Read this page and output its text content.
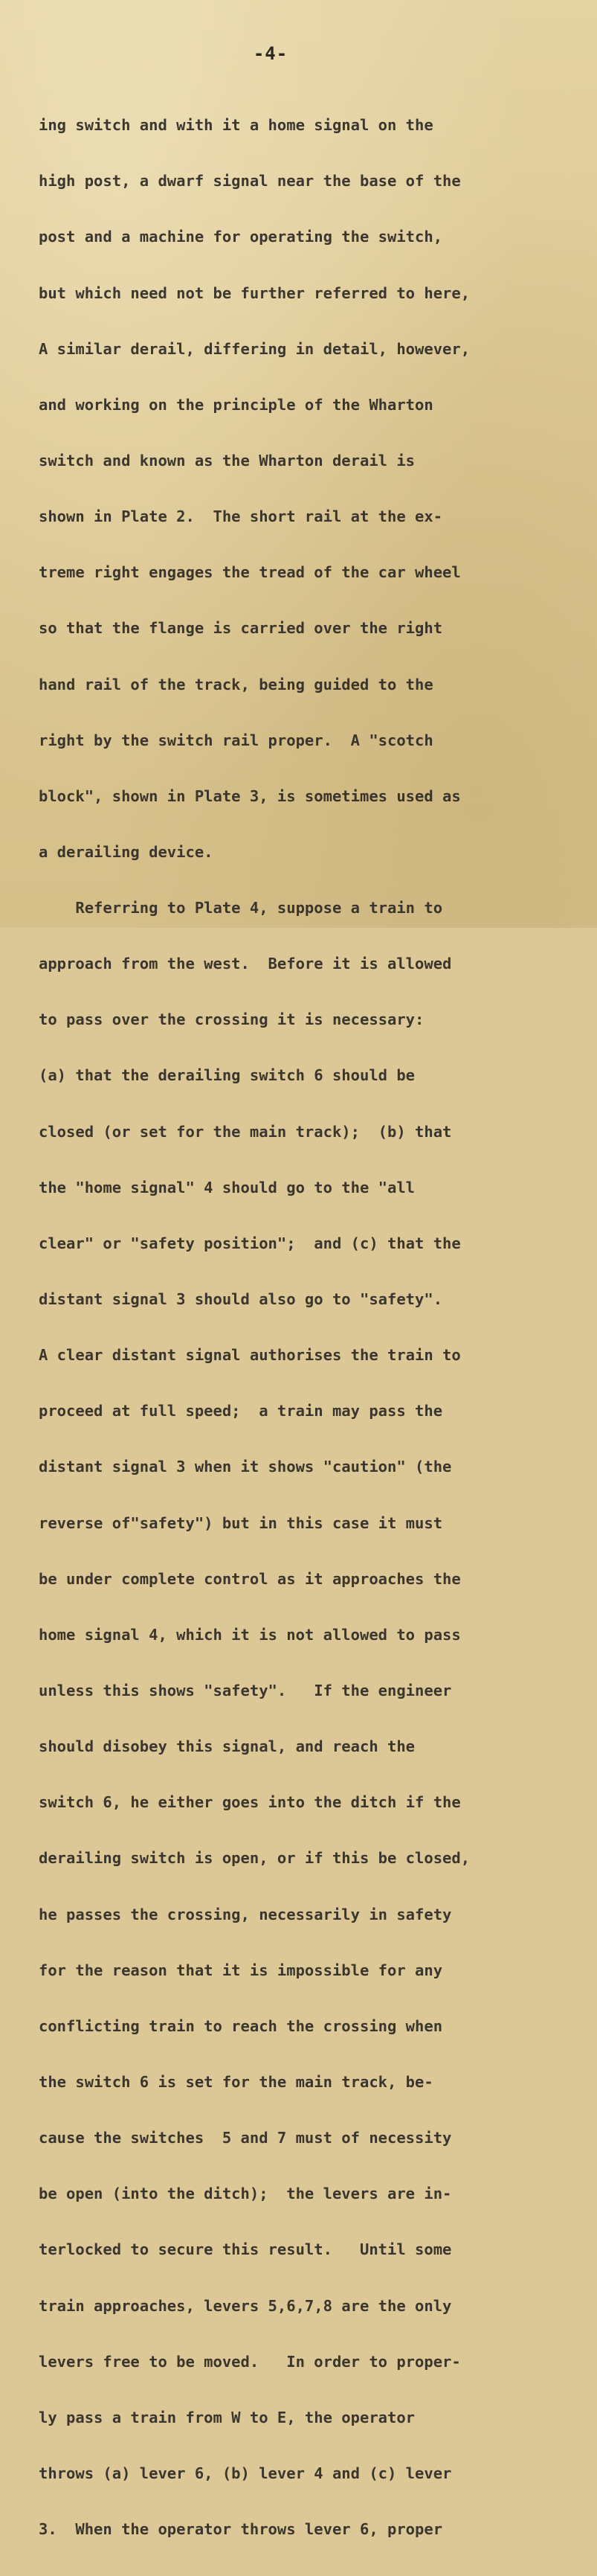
-4-

ing switch and with it a home signal on the

high post, a dwarf signal near the base of the

post and a machine for operating the switch,

but which need not be further referred to here,

A similar derail, differing in detail, however,

and working on the principle of the Wharton

switch and known as the Wharton derail is

shown in Plate 2.  The short rail at the ex-

treme right engages the tread of the car wheel

so that the flange is carried over the right

hand rail of the track, being guided to the

right by the switch rail proper.  A "scotch

block", shown in Plate 3, is sometimes used as

a derailing device.

Referring to Plate 4, suppose a train to

approach from the west.  Before it is allowed

to pass over the crossing it is necessary:

(a) that the derailing switch 6 should be

closed (or set for the main track);  (b) that

the "home signal" 4 should go to the "all

clear" or "safety position";  and (c) that the

distant signal 3 should also go to "safety".

A clear distant signal authorises the train to

proceed at full speed;  a train may pass the

distant signal 3 when it shows "caution" (the

reverse of"safety") but in this case it must

be under complete control as it approaches the

home signal 4, which it is not allowed to pass

unless this shows "safety".   If the engineer

should disobey this signal, and reach the

switch 6, he either goes into the ditch if the

derailing switch is open, or if this be closed,

he passes the crossing, necessarily in safety

for the reason that it is impossible for any

conflicting train to reach the crossing when

the switch 6 is set for the main track, be-

cause the switches  5 and 7 must of necessity

be open (into the ditch);  the levers are in-

terlocked to secure this result.   Until some

train approaches, levers 5,6,7,8 are the only

levers free to be moved.   In order to proper-

ly pass a train from W to E, the operator

throws (a) lever 6, (b) lever 4 and (c) lever

3.  When the operator throws lever 6, proper
